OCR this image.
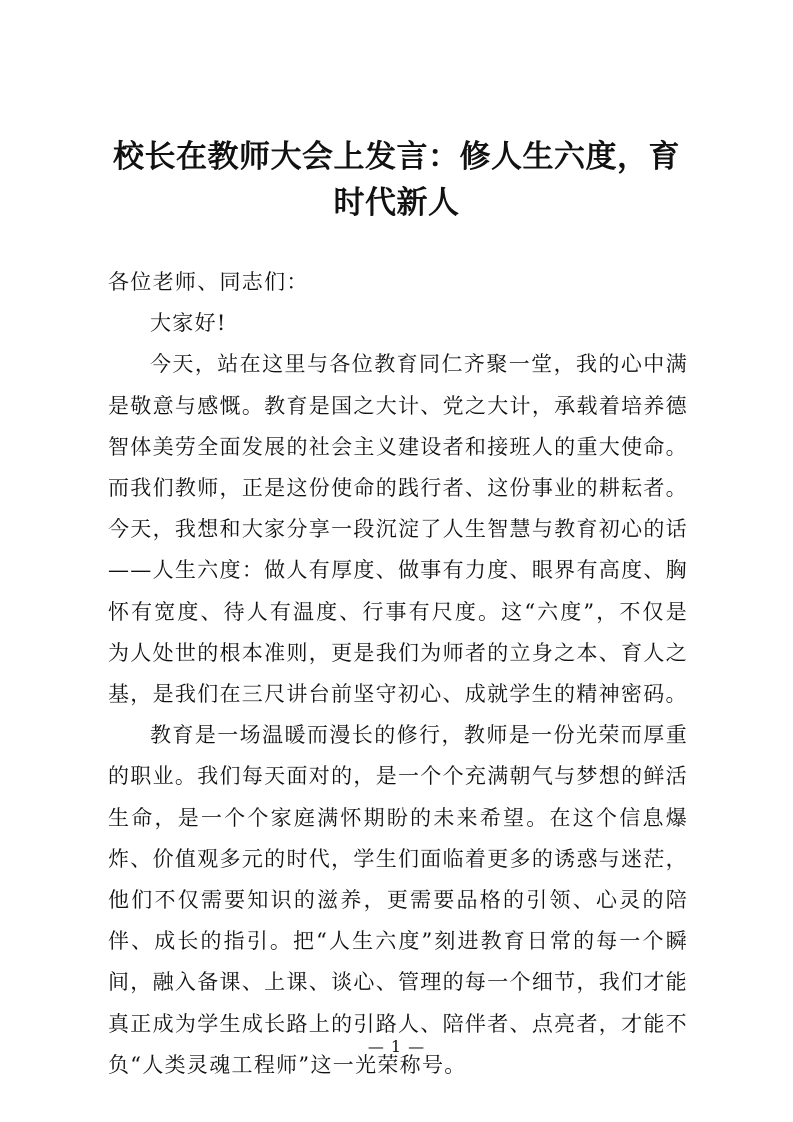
校长在教师大会上发言：修人生六度，育时代新人

各位老师、同志们：

大家好!

今天，站在这里与各位教育同仁齐聚一堂，我的心中满是敬意与感慨。教育是国之大计、党之大计，承载着培养德智体美劳全面发展的社会主义建设者和接班人的重大使命。而我们教师，正是这份使命的践行者、这份事业的耕耘者。今天，我想和大家分享一段沉淀了人生智慧与教育初心的话——人生六度：做人有厚度、做事有力度、眼界有高度、胸怀有宽度、待人有温度、行事有尺度。这“六度”，不仅是为人处世的根本准则，更是我们为师者的立身之本、育人之基，是我们在三尺讲台前坚守初心、成就学生的精神密码。

教育是一场温暖而漫长的修行，教师是一份光荣而厚重的职业。我们每天面对的，是一个个充满朝气与梦想的鲜活生命，是一个个家庭满怀期盼的未来希望。在这个信息爆炸、价值观多元的时代，学生们面临着更多的诱惑与迷茫，他们不仅需要知识的滋养，更需要品格的引领、心灵的陪伴、成长的指引。把“人生六度”刻进教育日常的每一个瞬间，融入备课、上课、谈心、管理的每一个细节，我们才能真正成为学生成长路上的引路人、陪伴者、点亮者，才能不负“人类灵魂工程师”这一光荣称号。

— 1 —
